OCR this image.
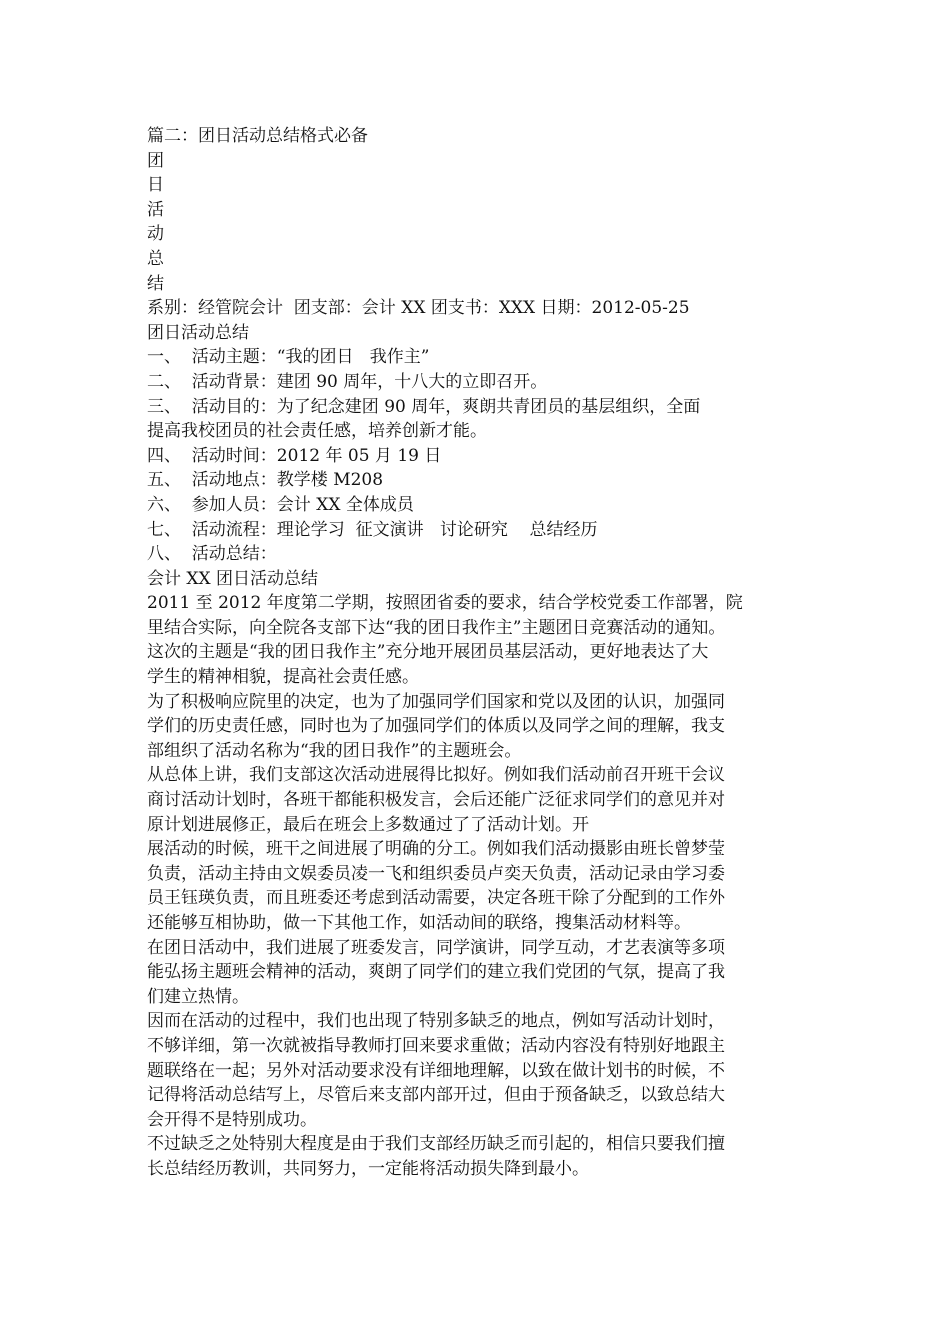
篇二：团日活动总结格式必备
团
日
活
动
总
结
系别：经管院会计  团支部：会计 XX 团支书：XXX 日期：2012-05-25
团日活动总结
一、  活动主题：“我的团日   我作主”
二、  活动背景：建团 90 周年，十八大的立即召开。
三、  活动目的：为了纪念建团 90 周年，爽朗共青团员的基层组织，全面
提高我校团员的社会责任感，培养创新才能。
四、  活动时间：2012 年 05 月 19 日
五、  活动地点：教学楼 M208
六、  参加人员：会计 XX 全体成员
七、  活动流程：理论学习  征文演讲   讨论研究    总结经历
八、  活动总结：
会计 XX 团日活动总结
2011 至 2012 年度第二学期，按照团省委的要求，结合学校党委工作部署，院
里结合实际，向全院各支部下达“我的团日我作主”主题团日竞赛活动的通知。
这次的主题是“我的团日我作主”充分地开展团员基层活动，更好地表达了大
学生的精神相貌，提高社会责任感。
为了积极响应院里的决定，也为了加强同学们国家和党以及团的认识，加强同
学们的历史责任感，同时也为了加强同学们的体质以及同学之间的理解，我支
部组织了活动名称为“我的团日我作”的主题班会。
从总体上讲，我们支部这次活动进展得比拟好。例如我们活动前召开班干会议
商讨活动计划时，各班干都能积极发言，会后还能广泛征求同学们的意见并对
原计划进展修正，最后在班会上多数通过了了活动计划。开
展活动的时候，班干之间进展了明确的分工。例如我们活动摄影由班长曾梦莹
负责，活动主持由文娱委员凌一飞和组织委员卢奕天负责，活动记录由学习委
员王钰瑛负责，而且班委还考虑到活动需要，决定各班干除了分配到的工作外
还能够互相协助，做一下其他工作，如活动间的联络，搜集活动材料等。
在团日活动中，我们进展了班委发言，同学演讲，同学互动，才艺表演等多项
能弘扬主题班会精神的活动，爽朗了同学们的建立我们党团的气氛，提高了我
们建立热情。
因而在活动的过程中，我们也出现了特别多缺乏的地点，例如写活动计划时，
不够详细，第一次就被指导教师打回来要求重做；活动内容没有特别好地跟主
题联络在一起；另外对活动要求没有详细地理解，以致在做计划书的时候，不
记得将活动总结写上，尽管后来支部内部开过，但由于预备缺乏，以致总结大
会开得不是特别成功。
不过缺乏之处特别大程度是由于我们支部经历缺乏而引起的，相信只要我们擅
长总结经历教训，共同努力，一定能将活动损失降到最小。
